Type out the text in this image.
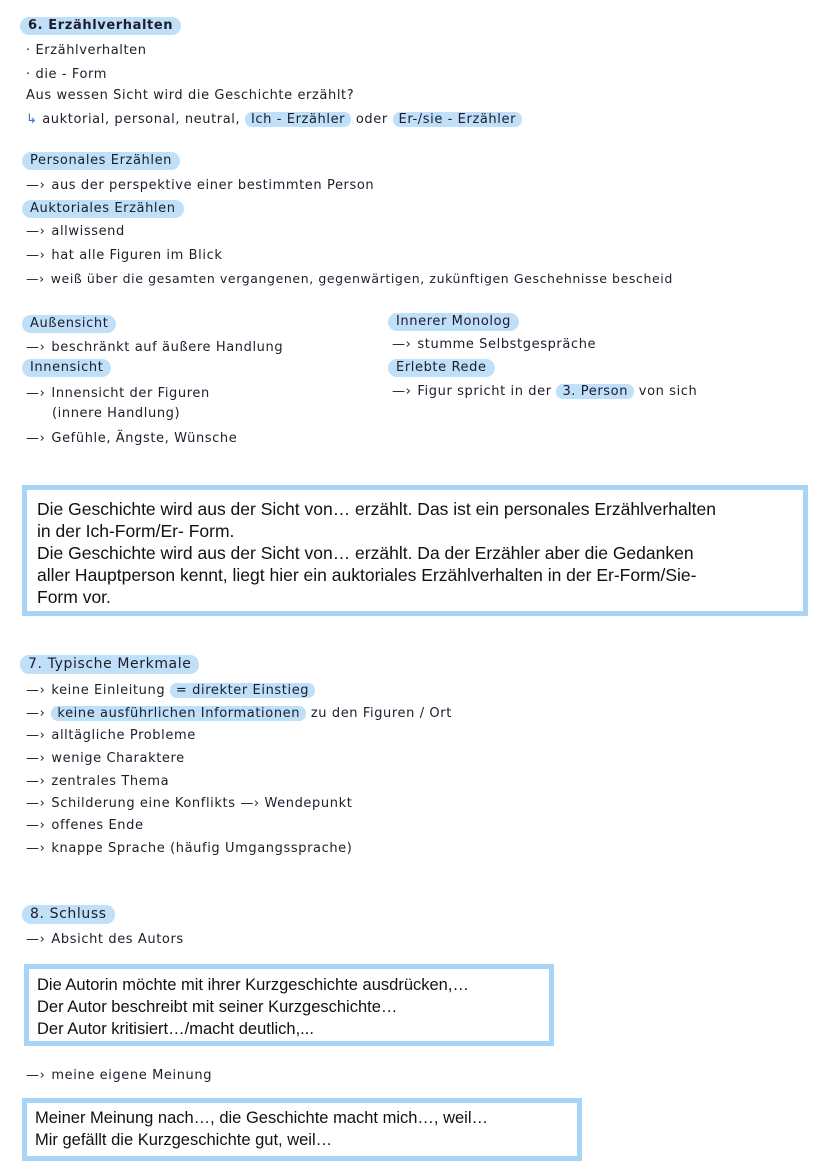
6. Erzählverhalten
· Erzählverhalten
· die - Form
Aus wessen Sicht wird die Geschichte erzählt?
↳ auktorial, personal, neutral, Ich - Erzähler oder Er-/sie - Erzähler
Personales Erzählen
—› aus der perspektive einer bestimmten Person
Auktoriales Erzählen
—› allwissend
—› hat alle Figuren im Blick
—› weiß über die gesamten vergangenen, gegenwärtigen, zukünftigen Geschehnisse bescheid
Außensicht
—› beschränkt auf äußere Handlung
Innensicht
—› Innensicht der Figuren
(innere Handlung)
—› Gefühle, Ängste, Wünsche
Innerer Monolog
—› stumme Selbstgespräche
Erlebte Rede
—› Figur spricht in der 3. Person von sich

Die Geschichte wird aus der Sicht von… erzählt. Das ist ein personales Erzählverhalten

in der Ich-Form/Er- Form.

Die Geschichte wird aus der Sicht von… erzählt. Da der Erzähler aber die Gedanken

aller Hauptperson kennt, liegt hier ein auktoriales Erzählverhalten in der Er-Form/Sie-

Form vor.

7. Typische Merkmale
—› keine Einleitung = direkter Einstieg
—› keine ausführlichen Informationen zu den Figuren / Ort
—› alltägliche Probleme
—› wenige Charaktere
—› zentrales Thema
—› Schilderung eine Konflikts —› Wendepunkt
—› offenes Ende
—› knappe Sprache (häufig Umgangssprache)
8. Schluss
—› Absicht des Autors

Die Autorin möchte mit ihrer Kurzgeschichte ausdrücken,…

Der Autor beschreibt mit seiner Kurzgeschichte…

Der Autor kritisiert…/macht deutlich,...

—› meine eigene Meinung

Meiner Meinung nach…, die Geschichte macht mich…, weil…

Mir gefällt die Kurzgeschichte gut, weil…
